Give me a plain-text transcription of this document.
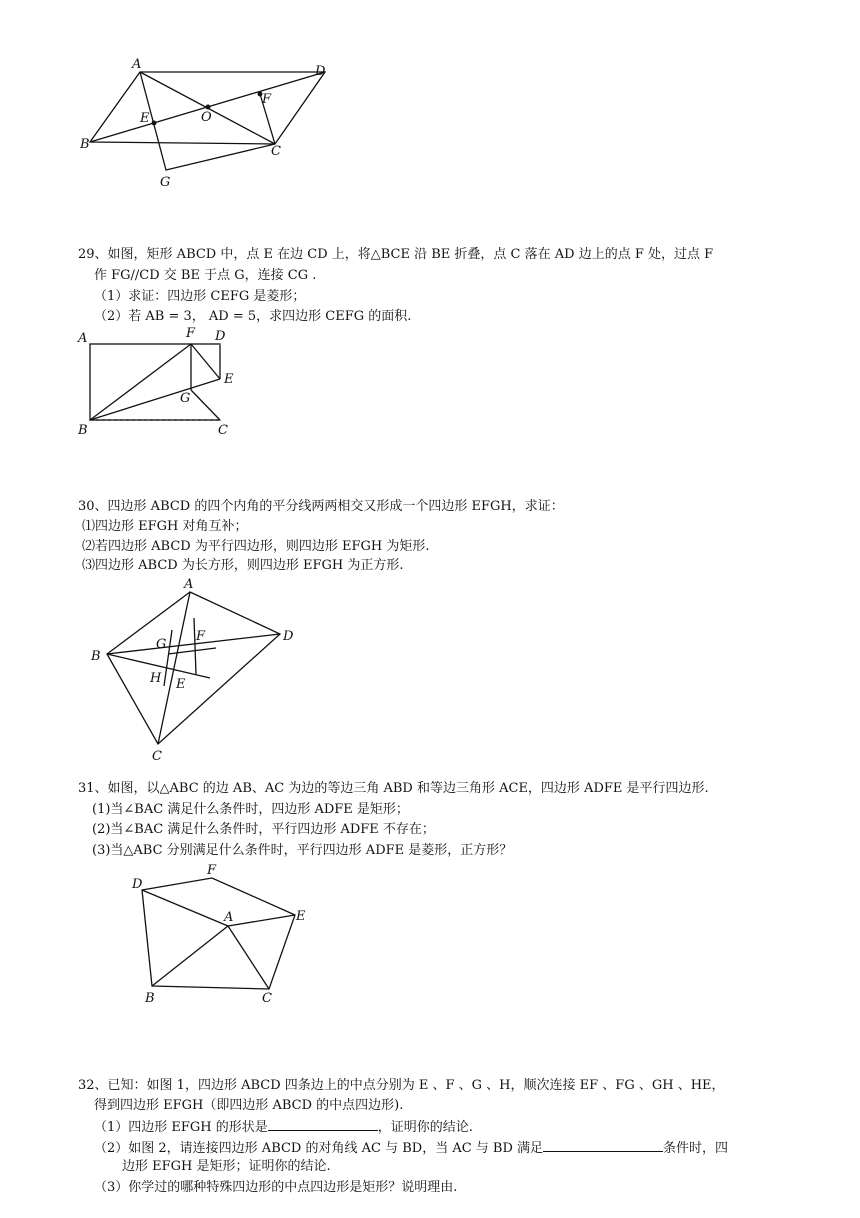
A	D
B	C
E
F
O
G
29、如图，矩形 ABCD 中，点 E 在边 CD 上，将△BCE 沿 BE 折叠，点 C 落在 AD 边上的点 F 处，过点 F
作 FG//CD 交 BE 于点 G，连接 CG .
（1）求证：四边形 CEFG 是菱形；
（2）若 AB = 3， AD = 5，求四边形 CEFG 的面积.
A	F D
E
G
B	C
30、四边形 ABCD 的四个内角的平分线两两相交又形成一个四边形 EFGH，求证：
⑴四边形 EFGH 对角互补；
⑵若四边形 ABCD 为平行四边形，则四边形 EFGH 为矩形.
⑶四边形 ABCD 为长方形，则四边形 EFGH 为正方形.
A
D
B
C
G
F
H E
31、如图，以△ABC 的边 AB、AC 为边的等边三角 ABD 和等边三角形 ACE，四边形 ADFE 是平行四边形.
(1)当∠BAC 满足什么条件时，四边形 ADFE 是矩形；
(2)当∠BAC 满足什么条件时，平行四边形 ADFE 不存在；
(3)当△ABC 分别满足什么条件时，平行四边形 ADFE 是菱形，正方形？
D
F
A	E
B	C
32、已知：如图 1，四边形 ABCD 四条边上的中点分别为 E 、F 、G 、H，顺次连接 EF 、FG 、GH 、HE，
得到四边形 EFGH（即四边形 ABCD 的中点四边形).
（1）四边形 EFGH 的形状是	，证明你的结论.
（2）如图 2，请连接四边形 ABCD 的对角线 AC 与 BD，当 AC 与 BD 满足	条件时，四
边形 EFGH 是矩形；证明你的结论.
（3）你学过的哪种特殊四边形的中点四边形是矩形？说明理由.
